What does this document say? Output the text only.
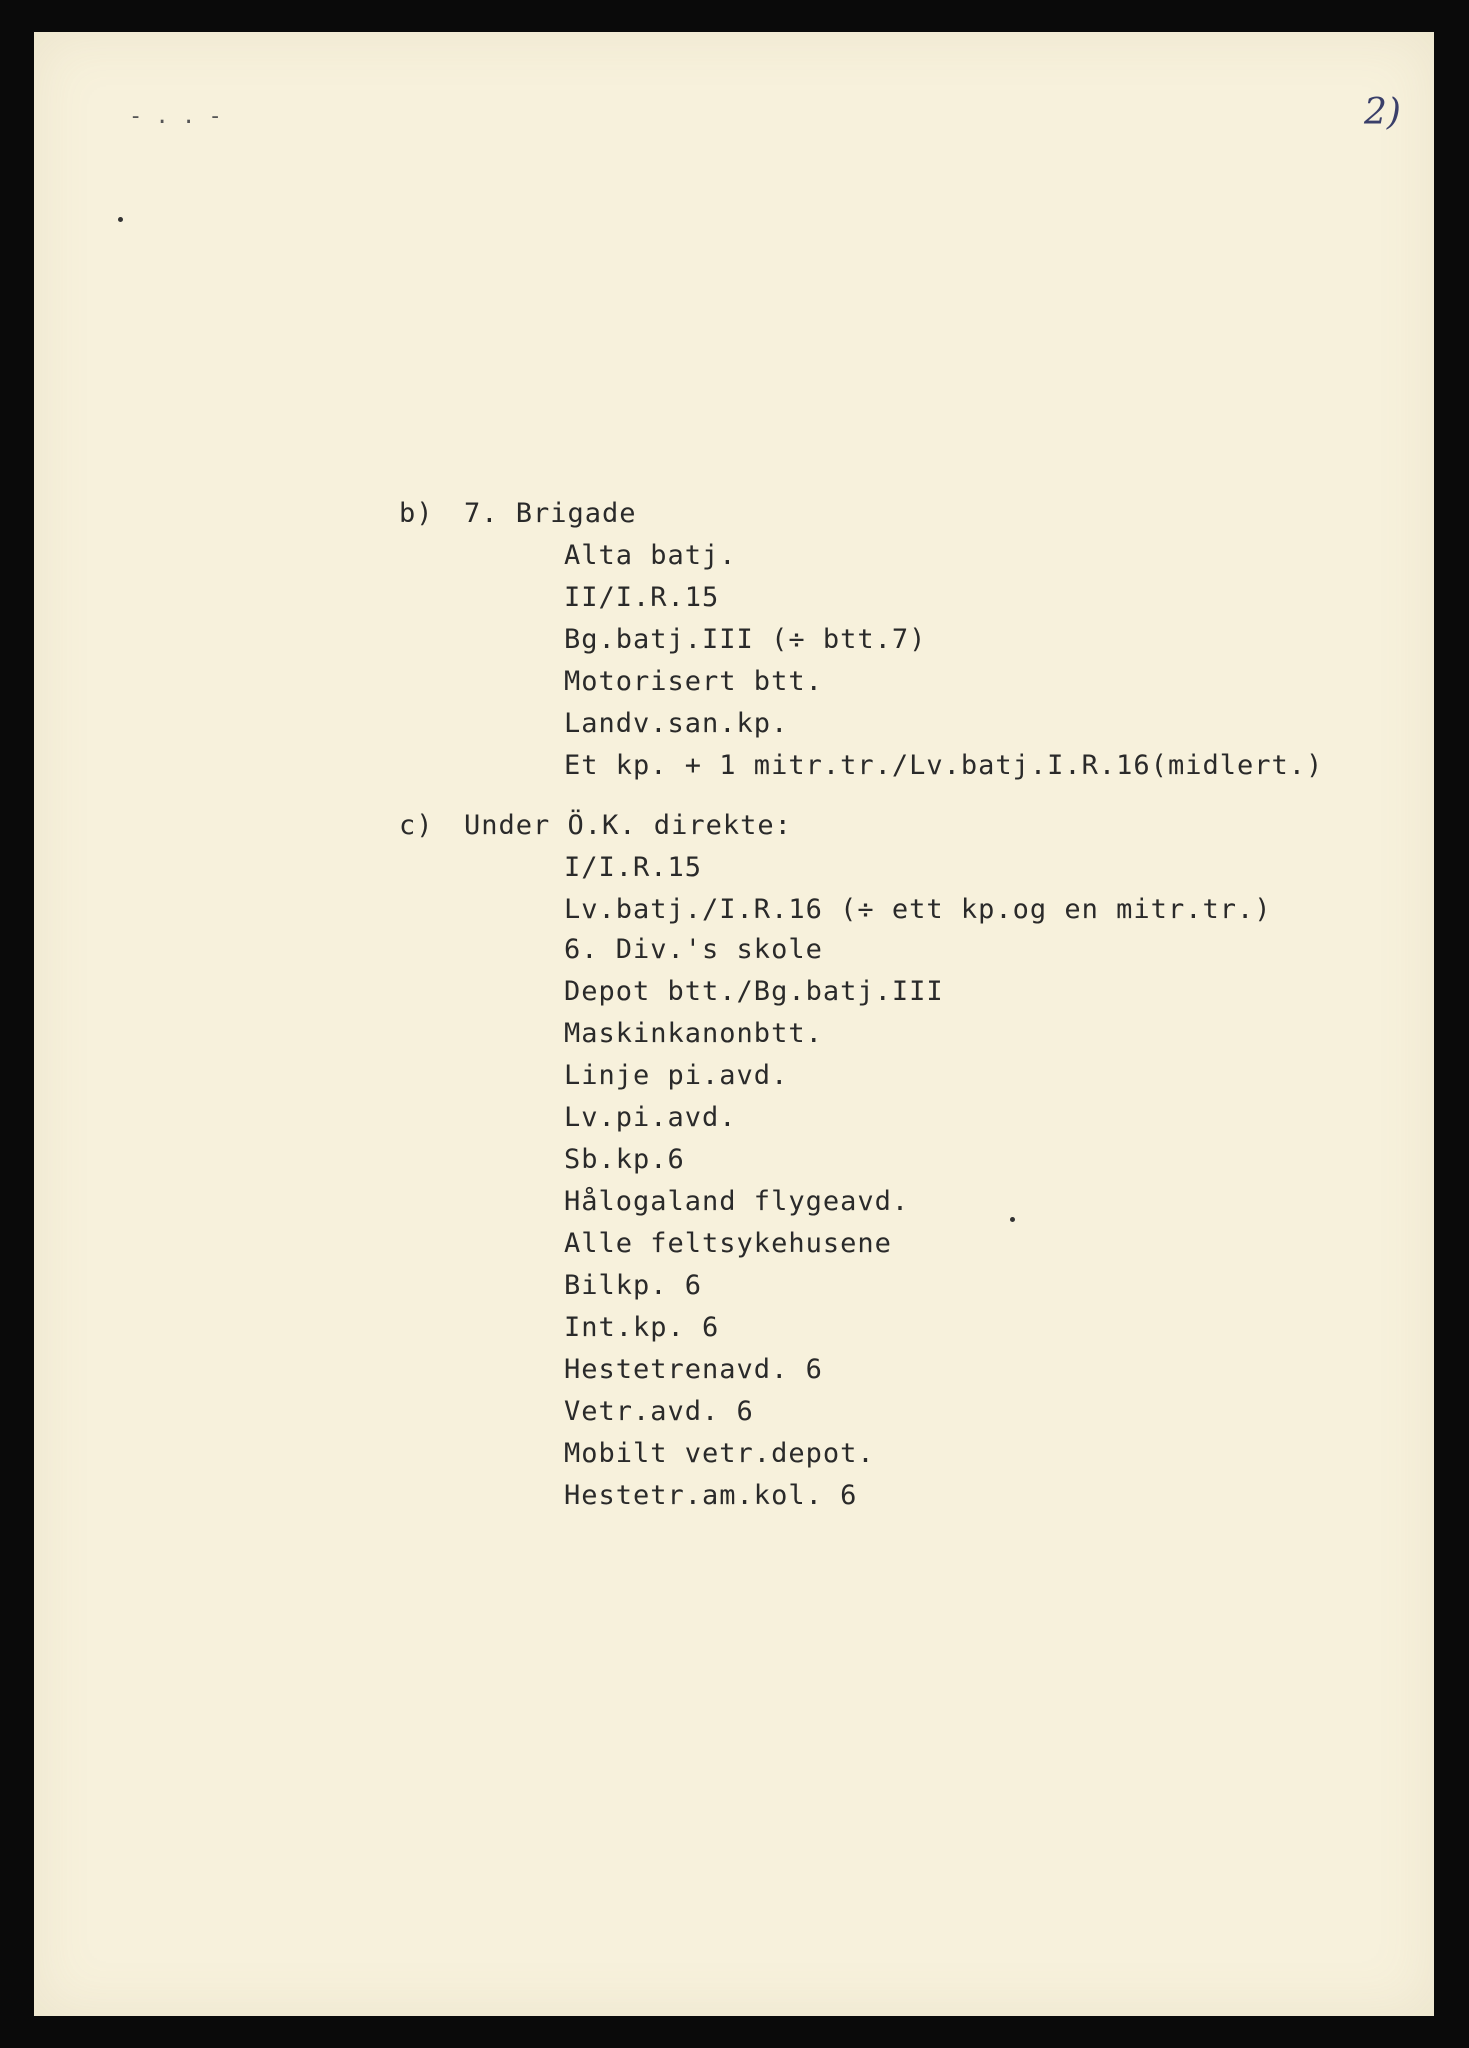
- . . -	2)
b) 7. Brigade
Alta batj.
II/I.R.15
Bg.batj.III (÷ btt.7)
Motorisert btt.
Landv.san.kp.
Et kp. + 1 mitr.tr./Lv.batj.I.R.16(midlert.)
c) Under Ö.K. direkte:
I/I.R.15
Lv.batj./I.R.16 (÷ ett kp.og en mitr.tr.)
6. Div.'s skole
Depot btt./Bg.batj.III
Maskinkanonbtt.
Linje pi.avd.
Lv.pi.avd.
Sb.kp.6
Hålogaland flygeavd.
Alle feltsykehusene
Bilkp. 6
Int.kp. 6
Hestetrenavd. 6
Vetr.avd. 6
Mobilt vetr.depot.
Hestetr.am.kol. 6
